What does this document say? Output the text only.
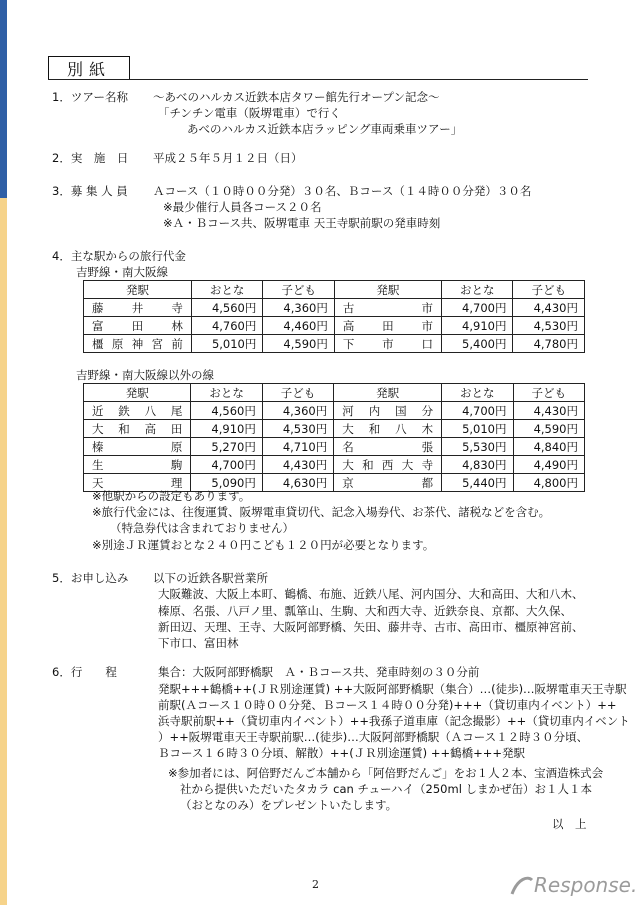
別紙
1．ツアー名称 ～あべのハルカス近鉄本店タワー館先行オープン記念～
「チンチン電車（阪堺電車）で行く
あべのハルカス近鉄本店ラッピング車両乗車ツアー」
2．実　施　日 平成２５年５月１２日（日）
3．募 集 人 員 Ａコース（１０時００分発）３０名、Ｂコース（１４時００分発）３０名
※最少催行人員各コース２０名
※Ａ・Ｂコース共、阪堺電車 天王寺駅前駅の発車時刻
4．主な駅からの旅行代金
吉野線・南大阪線
発駅	おとな	子ども	発駅	おとな	子ども
藤井寺	4,560円	4,360円	古市	4,700円	4,430円
富田林	4,760円	4,460円	高田市	4,910円	4,530円
橿原神宮前	5,010円	4,590円	下市口	5,400円	4,780円
吉野線・南大阪線以外の線
発駅	おとな	子ども	発駅	おとな	子ども
近鉄八尾	4,560円	4,360円	河内国分	4,700円	4,430円
大和高田	4,910円	4,530円	大和八木	5,010円	4,590円
榛原	5,270円	4,710円	名張	5,530円	4,840円
生駒	4,700円	4,430円	大和西大寺	4,830円	4,490円
天理	5,090円	4,630円	京都	5,440円	4,800円
※他駅からの設定もあります。
※旅行代金には、往復運賃、阪堺電車貸切代、記念入場券代、お茶代、諸税などを含む。
（特急券代は含まれておりません）
※別途ＪＲ運賃おとな２４０円こども１２０円が必要となります。
5．お申し込み 以下の近鉄各駅営業所
大阪難波、大阪上本町、鶴橋、布施、近鉄八尾、河内国分、大和高田、大和八木、
榛原、名張、八戸ノ里、瓢箪山、生駒、大和西大寺、近鉄奈良、京都、大久保、
新田辺、天理、王寺、大阪阿部野橋、矢田、藤井寺、古市、高田市、橿原神宮前、
下市口、富田林
6．行　　程	集合：大阪阿部野橋駅　Ａ・Ｂコース共、発車時刻の３０分前
発駅+++鶴橋++(ＪＲ別途運賃) ++大阪阿部野橋駅（集合）…(徒歩)…阪堺電車天王寺駅
前駅(Ａコース１０時００分発、Ｂコース１４時００分発)+++（貸切車内イベント）++
浜寺駅前駅++（貸切車内イベント）++我孫子道車庫（記念撮影）++（貸切車内イベント
）++阪堺電車天王寺駅前駅…(徒歩)…大阪阿部野橋駅（Ａコース１２時３０分頃、
Ｂコース１６時３０分頃、解散）++(ＪＲ別途運賃) ++鶴橋+++発駅
※参加者には、阿倍野だんご本舗から「阿倍野だんご」をお１人２本、宝酒造株式会
社から提供いただいたタカラ can チューハイ（250ml しまかぜ缶）お１人１本
（おとなのみ）をプレゼントいたします。
以　上
2	Response.
